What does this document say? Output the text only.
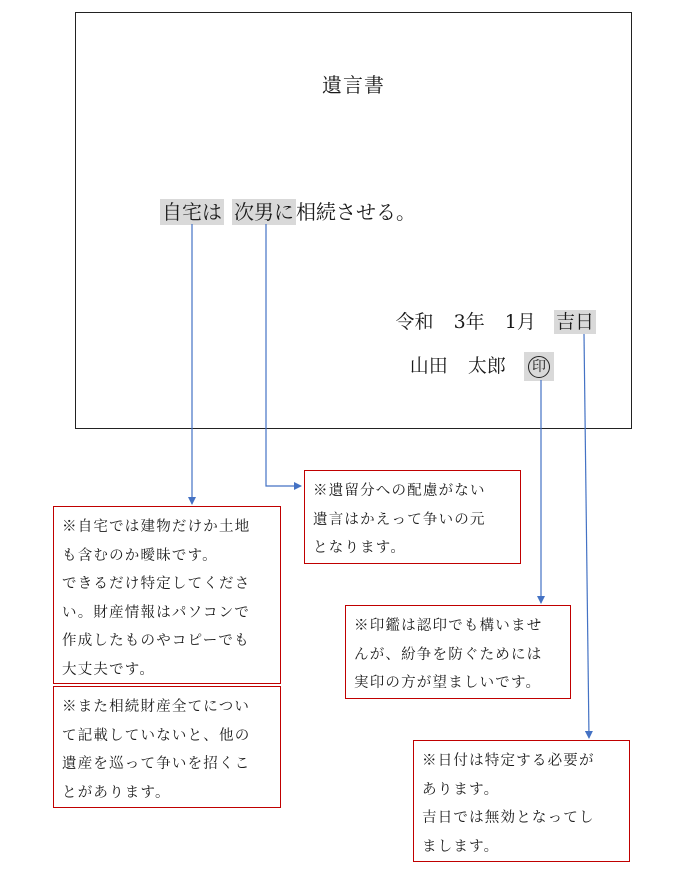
遺言書
自宅は 次男に 相続させる。
令和 3年 1月 吉日
山田 太郎 印

※自宅では建物だけか土地

も含むのか曖昧です。

できるだけ特定してくださ

い。財産情報はパソコンで

作成したものやコピーでも

大丈夫です。

※また相続財産全てについ

て記載していないと、他の

遺産を巡って争いを招くこ

とがあります。

※遺留分への配慮がない

遺言はかえって争いの元

となります。

※印鑑は認印でも構いませ

んが、紛争を防ぐためには

実印の方が望ましいです。

※日付は特定する必要が

あります。

吉日では無効となってし

まします。
